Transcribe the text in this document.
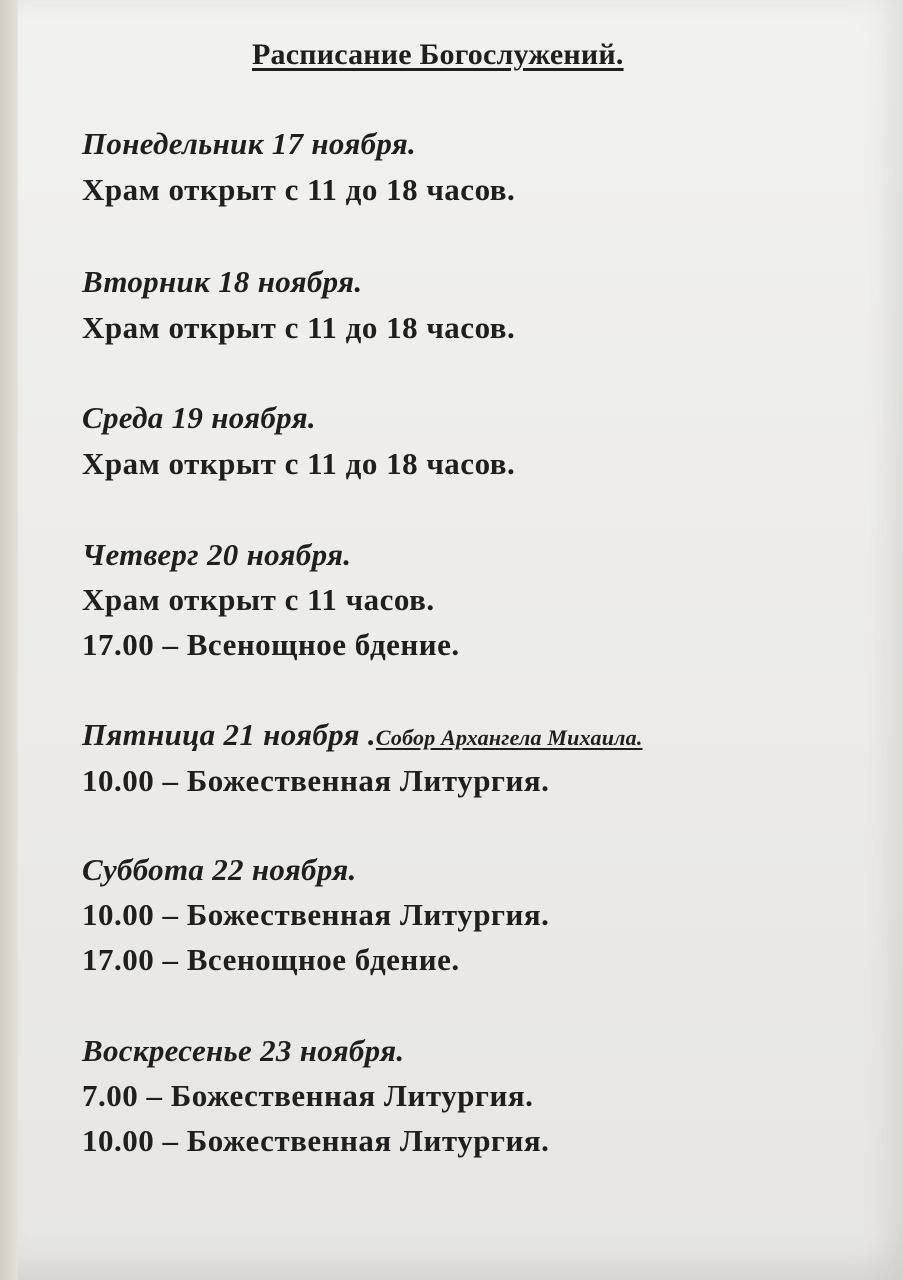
Расписание Богослужений.
Понедельник 17 ноября.
Храм открыт с 11 до 18 часов.
Вторник 18 ноября.
Храм открыт с 11 до 18 часов.
Среда 19 ноября.
Храм открыт с 11 до 18 часов.
Четверг 20 ноября.
Храм открыт с 11 часов.
17.00 – Всенощное бдение.
Пятница 21 ноября .Собор Архангела Михаила.
10.00 – Божественная Литургия.
Суббота 22 ноября.
10.00 – Божественная Литургия.
17.00 – Всенощное бдение.
Воскресенье 23 ноября.
7.00 – Божественная Литургия.
10.00 – Божественная Литургия.
